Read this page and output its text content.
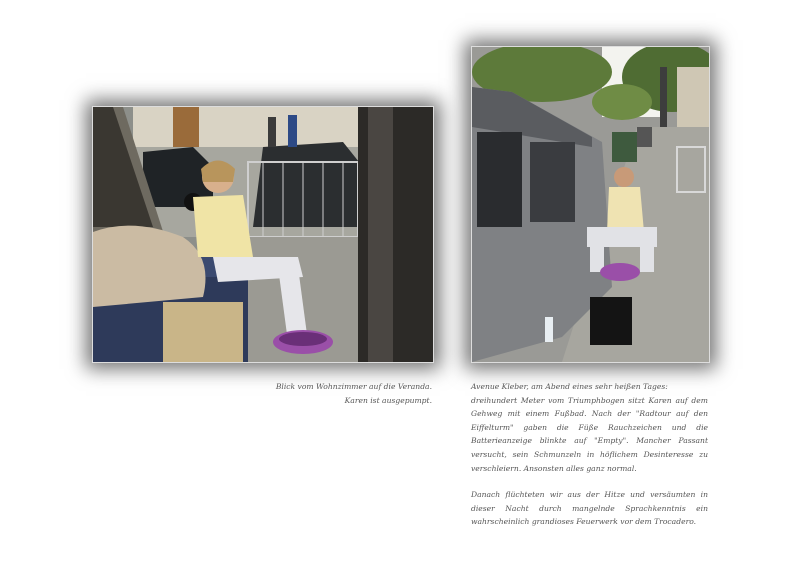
Blick vom Wohnzimmer auf die Veranda.
Karen ist ausgepumpt.

Avenue Kleber, am Abend eines sehr heißen Tages:
dreihundert Meter vom Triumphbogen sitzt Karen auf dem Gehweg mit einem Fußbad. Nach der "Radtour auf den Eiffelturm" gaben die Füße Rauchzeichen und die Batterieanzeige blinkte auf "Empty". Mancher Passant versucht, sein Schmunzeln in höflichem Desinteresse zu verschleiern. Ansonsten alles ganz normal.

Danach flüchteten wir aus der Hitze und versäumten in dieser Nacht durch mangelnde Sprachkenntnis ein wahrscheinlich grandioses Feuerwerk vor dem Trocadero.
